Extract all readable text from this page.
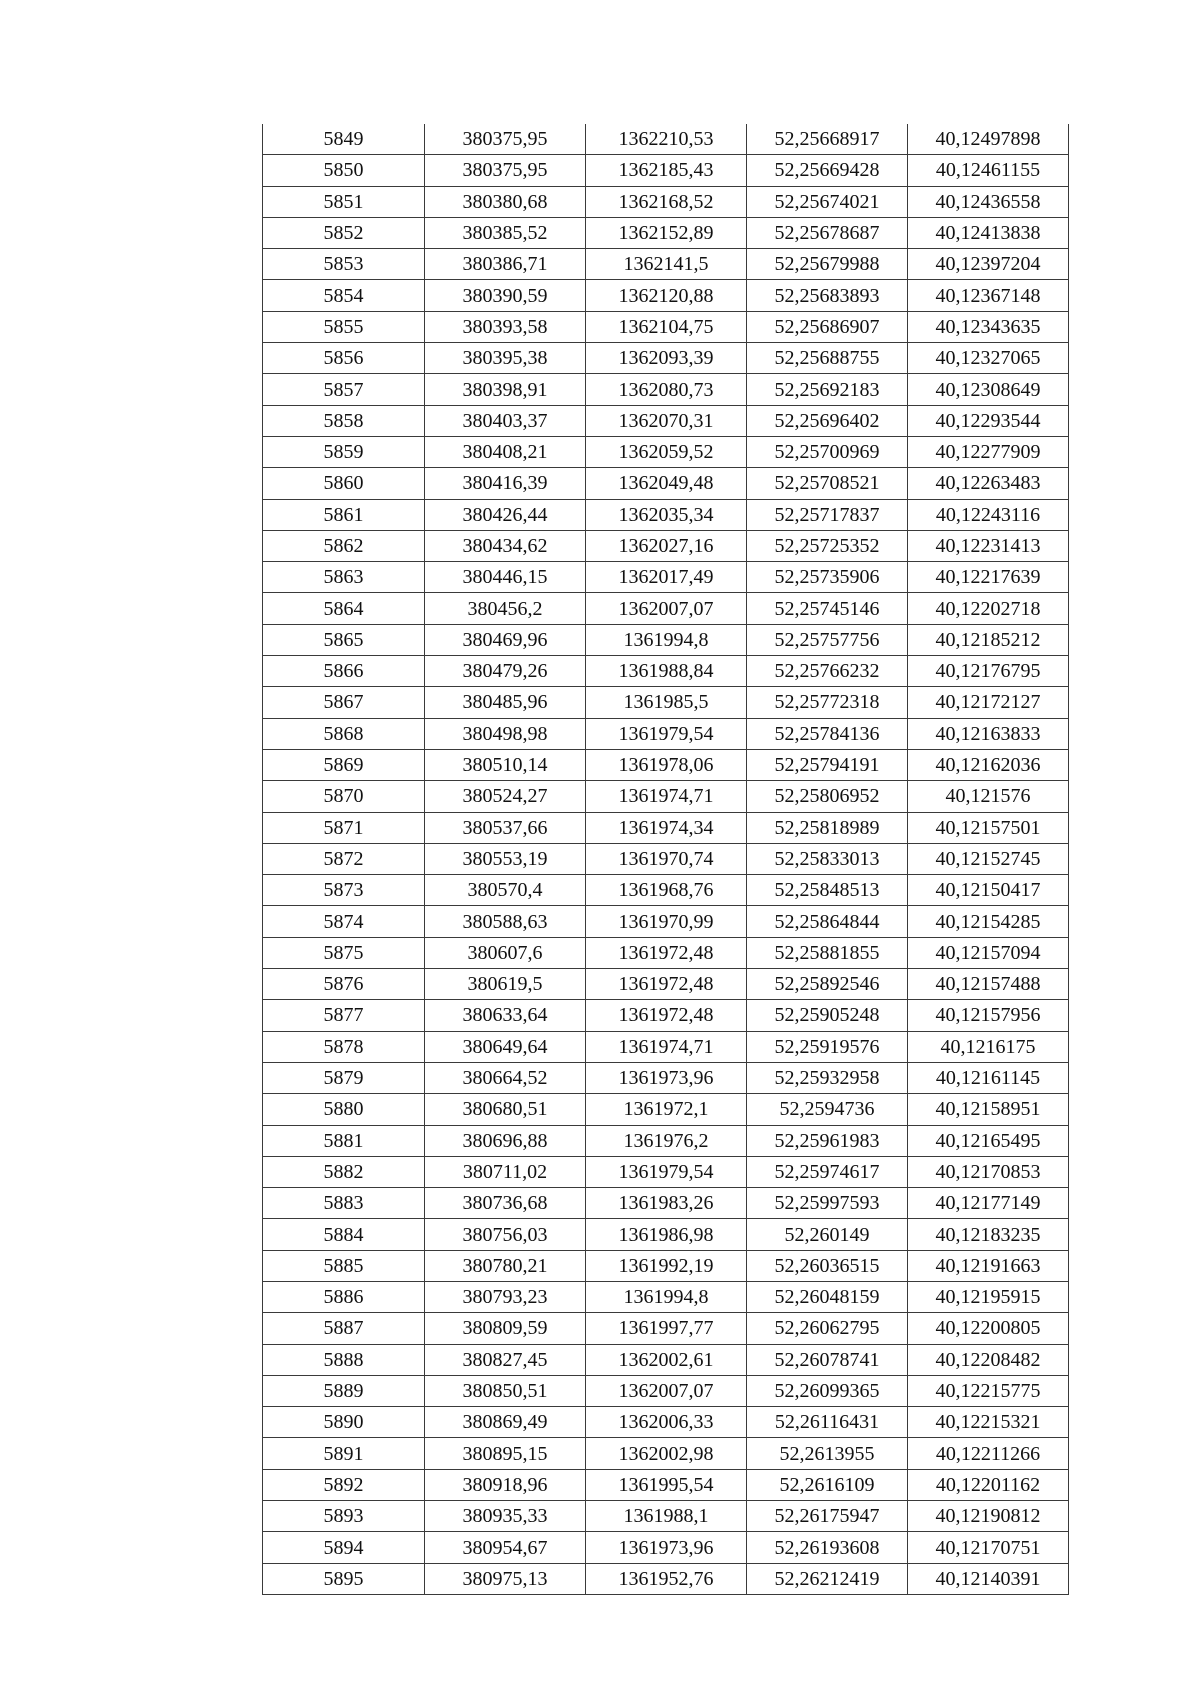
5849	380375,95	1362210,53	52,25668917	40,12497898
5850	380375,95	1362185,43	52,25669428	40,12461155
5851	380380,68	1362168,52	52,25674021	40,12436558
5852	380385,52	1362152,89	52,25678687	40,12413838
5853	380386,71	1362141,5	52,25679988	40,12397204
5854	380390,59	1362120,88	52,25683893	40,12367148
5855	380393,58	1362104,75	52,25686907	40,12343635
5856	380395,38	1362093,39	52,25688755	40,12327065
5857	380398,91	1362080,73	52,25692183	40,12308649
5858	380403,37	1362070,31	52,25696402	40,12293544
5859	380408,21	1362059,52	52,25700969	40,12277909
5860	380416,39	1362049,48	52,25708521	40,12263483
5861	380426,44	1362035,34	52,25717837	40,12243116
5862	380434,62	1362027,16	52,25725352	40,12231413
5863	380446,15	1362017,49	52,25735906	40,12217639
5864	380456,2	1362007,07	52,25745146	40,12202718
5865	380469,96	1361994,8	52,25757756	40,12185212
5866	380479,26	1361988,84	52,25766232	40,12176795
5867	380485,96	1361985,5	52,25772318	40,12172127
5868	380498,98	1361979,54	52,25784136	40,12163833
5869	380510,14	1361978,06	52,25794191	40,12162036
5870	380524,27	1361974,71	52,25806952	40,121576
5871	380537,66	1361974,34	52,25818989	40,12157501
5872	380553,19	1361970,74	52,25833013	40,12152745
5873	380570,4	1361968,76	52,25848513	40,12150417
5874	380588,63	1361970,99	52,25864844	40,12154285
5875	380607,6	1361972,48	52,25881855	40,12157094
5876	380619,5	1361972,48	52,25892546	40,12157488
5877	380633,64	1361972,48	52,25905248	40,12157956
5878	380649,64	1361974,71	52,25919576	40,1216175
5879	380664,52	1361973,96	52,25932958	40,12161145
5880	380680,51	1361972,1	52,2594736	40,12158951
5881	380696,88	1361976,2	52,25961983	40,12165495
5882	380711,02	1361979,54	52,25974617	40,12170853
5883	380736,68	1361983,26	52,25997593	40,12177149
5884	380756,03	1361986,98	52,260149	40,12183235
5885	380780,21	1361992,19	52,26036515	40,12191663
5886	380793,23	1361994,8	52,26048159	40,12195915
5887	380809,59	1361997,77	52,26062795	40,12200805
5888	380827,45	1362002,61	52,26078741	40,12208482
5889	380850,51	1362007,07	52,26099365	40,12215775
5890	380869,49	1362006,33	52,26116431	40,12215321
5891	380895,15	1362002,98	52,2613955	40,12211266
5892	380918,96	1361995,54	52,2616109	40,12201162
5893	380935,33	1361988,1	52,26175947	40,12190812
5894	380954,67	1361973,96	52,26193608	40,12170751
5895	380975,13	1361952,76	52,26212419	40,12140391
